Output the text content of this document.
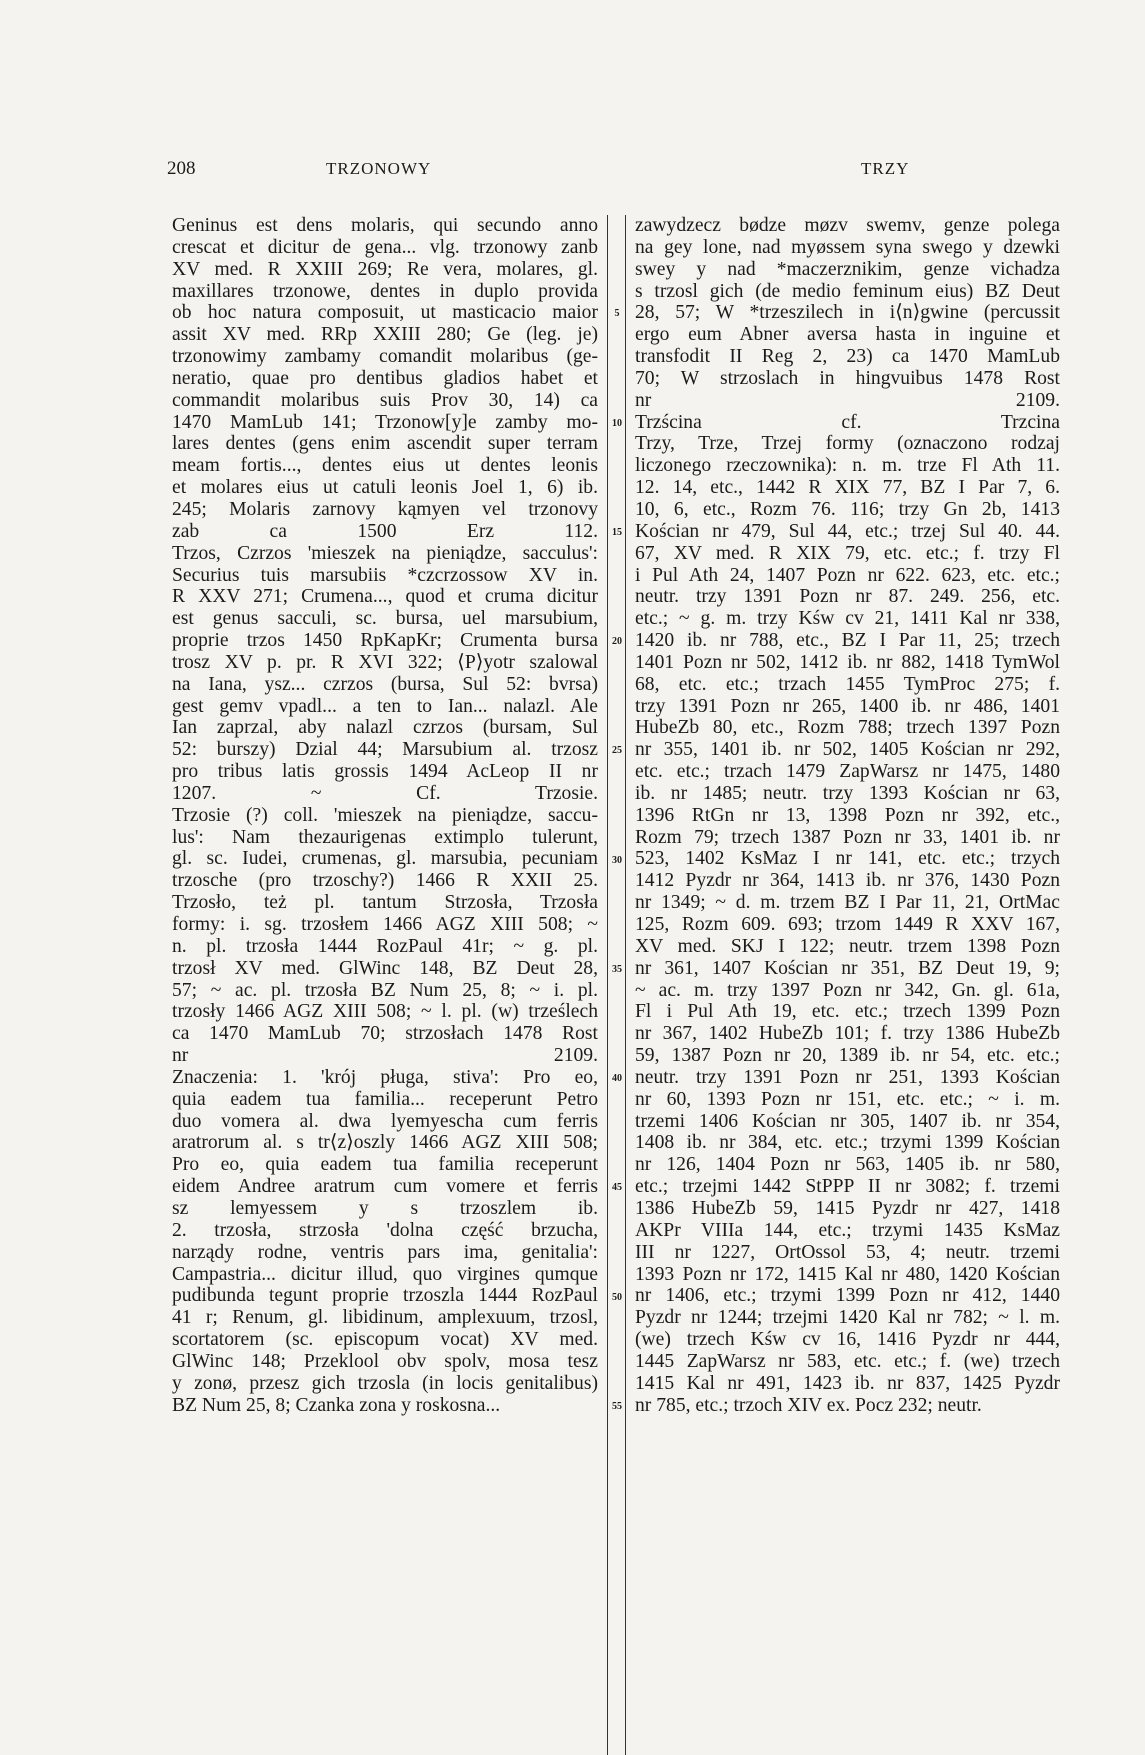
208	TRZONOWY	TRZY
Geninus est dens molaris, qui secundo anno
crescat et dicitur de gena... vlg. trzonowy zanb
XV med. R XXIII 269; Re vera, molares, gl.
maxillares trzonowe, dentes in duplo provida
ob hoc natura composuit, ut masticacio maior
assit XV med. RRp XXIII 280; Ge (leg. je)
trzonowimy zambamy comandit molaribus (ge-
neratio, quae pro dentibus gladios habet et
commandit molaribus suis Prov 30, 14) ca
1470 MamLub 141; Trzonow[y]e zamby mo-
lares dentes (gens enim ascendit super terram
meam fortis..., dentes eius ut dentes leonis
et molares eius ut catuli leonis Joel 1, 6) ib.
245; Molaris zarnovy kąmyen vel trzonovy
zab ca 1500 Erz 112.
Trzos, Czrzos 'mieszek na pieniądze, sacculus':
Securius tuis marsubiis *czcrzossow XV in.
R XXV 271; Crumena..., quod et cruma dicitur
est genus sacculi, sc. bursa, uel marsubium,
proprie trzos 1450 RpKapKr; Crumenta bursa
trosz XV p. pr. R XVI 322; ⟨P⟩yotr szalowal
na Iana, ysz... czrzos (bursa, Sul 52: bvrsa)
gest gemv vpadl... a ten to Ian... nalazl. Ale
Ian zaprzal, aby nalazl czrzos (bursam, Sul
52: burszy) Dzial 44; Marsubium al. trzosz
pro tribus latis grossis 1494 AcLeop II nr
1207. ~ Cf. Trzosie.
Trzosie (?) coll. 'mieszek na pieniądze, saccu-
lus': Nam thezaurigenas extimplo tulerunt,
gl. sc. Iudei, crumenas, gl. marsubia, pecuniam
trzosche (pro trzoschy?) 1466 R XXII 25.
Trzosło, też pl. tantum Strzosła, Trzosła
formy: i. sg. trzosłem 1466 AGZ XIII 508; ~
n. pl. trzosła 1444 RozPaul 41r; ~ g. pl.
trzosł XV med. GlWinc 148, BZ Deut 28,
57; ~ ac. pl. trzosła BZ Num 25, 8; ~ i. pl.
trzosły 1466 AGZ XIII 508; ~ l. pl. (w) trześlech
ca 1470 MamLub 70; strzosłach 1478 Rost
nr 2109.
Znaczenia: 1. 'krój pługa, stiva': Pro eo,
quia eadem tua familia... receperunt Petro
duo vomera al. dwa lyemyescha cum ferris
aratrorum al. s tr⟨z⟩oszly 1466 AGZ XIII 508;
Pro eo, quia eadem tua familia receperunt
eidem Andree aratrum cum vomere et ferris
sz lemyessem y s trzoszlem ib.
2. trzosła, strzosła 'dolna część brzucha,
narządy rodne, ventris pars ima, genitalia':
Campastria... dicitur illud, quo virgines qumque
pudibunda tegunt proprie trzoszla 1444 RozPaul
41 r; Renum, gl. libidinum, amplexuum, trzosl,
scortatorem (sc. episcopum vocat) XV med.
GlWinc 148; Przeklool obv spolv, mosa tesz
y zonø, przesz gich trzosla (in locis genitalibus)
BZ Num 25, 8; Czanka zona y roskosna...
5
10
15
20
25
30
35
40
45
50
55
zawydzecz bødze møzv swemv, genze polega
na gey lone, nad myøssem syna swego y dzewki
swey y nad *maczerznikim, genze vichadza
s trzosl gich (de medio feminum eius) BZ Deut
28, 57; W *trzeszilech in i⟨n⟩gwine (percussit
ergo eum Abner aversa hasta in inguine et
transfodit II Reg 2, 23) ca 1470 MamLub
70; W strzoslach in hingvuibus 1478 Rost
nr 2109.
Trzścina cf. Trzcina
Trzy, Trze, Trzej formy (oznaczono rodzaj
liczonego rzeczownika): n. m. trze Fl Ath 11.
12. 14, etc., 1442 R XIX 77, BZ I Par 7, 6.
10, 6, etc., Rozm 76. 116; trzy Gn 2b, 1413
Kościan nr 479, Sul 44, etc.; trzej Sul 40. 44.
67, XV med. R XIX 79, etc. etc.; f. trzy Fl
i Pul Ath 24, 1407 Pozn nr 622. 623, etc. etc.;
neutr. trzy 1391 Pozn nr 87. 249. 256, etc.
etc.; ~ g. m. trzy Kśw cv 21, 1411 Kal nr 338,
1420 ib. nr 788, etc., BZ I Par 11, 25; trzech
1401 Pozn nr 502, 1412 ib. nr 882, 1418 TymWol
68, etc. etc.; trzach 1455 TymProc 275; f.
trzy 1391 Pozn nr 265, 1400 ib. nr 486, 1401
HubeZb 80, etc., Rozm 788; trzech 1397 Pozn
nr 355, 1401 ib. nr 502, 1405 Kościan nr 292,
etc. etc.; trzach 1479 ZapWarsz nr 1475, 1480
ib. nr 1485; neutr. trzy 1393 Kościan nr 63,
1396 RtGn nr 13, 1398 Pozn nr 392, etc.,
Rozm 79; trzech 1387 Pozn nr 33, 1401 ib. nr
523, 1402 KsMaz I nr 141, etc. etc.; trzych
1412 Pyzdr nr 364, 1413 ib. nr 376, 1430 Pozn
nr 1349; ~ d. m. trzem BZ I Par 11, 21, OrtMac
125, Rozm 609. 693; trzom 1449 R XXV 167,
XV med. SKJ I 122; neutr. trzem 1398 Pozn
nr 361, 1407 Kościan nr 351, BZ Deut 19, 9;
~ ac. m. trzy 1397 Pozn nr 342, Gn. gl. 61a,
Fl i Pul Ath 19, etc. etc.; trzech 1399 Pozn
nr 367, 1402 HubeZb 101; f. trzy 1386 HubeZb
59, 1387 Pozn nr 20, 1389 ib. nr 54, etc. etc.;
neutr. trzy 1391 Pozn nr 251, 1393 Kościan
nr 60, 1393 Pozn nr 151, etc. etc.; ~ i. m.
trzemi 1406 Kościan nr 305, 1407 ib. nr 354,
1408 ib. nr 384, etc. etc.; trzymi 1399 Kościan
nr 126, 1404 Pozn nr 563, 1405 ib. nr 580,
etc.; trzejmi 1442 StPPP II nr 3082; f. trzemi
1386 HubeZb 59, 1415 Pyzdr nr 427, 1418
AKPr VIIIa 144, etc.; trzymi 1435 KsMaz
III nr 1227, OrtOssol 53, 4; neutr. trzemi
1393 Pozn nr 172, 1415 Kal nr 480, 1420 Kościan
nr 1406, etc.; trzymi 1399 Pozn nr 412, 1440
Pyzdr nr 1244; trzejmi 1420 Kal nr 782; ~ l. m.
(we) trzech Kśw cv 16, 1416 Pyzdr nr 444,
1445 ZapWarsz nr 583, etc. etc.; f. (we) trzech
1415 Kal nr 491, 1423 ib. nr 837, 1425 Pyzdr
nr 785, etc.; trzoch XIV ex. Pocz 232; neutr.
